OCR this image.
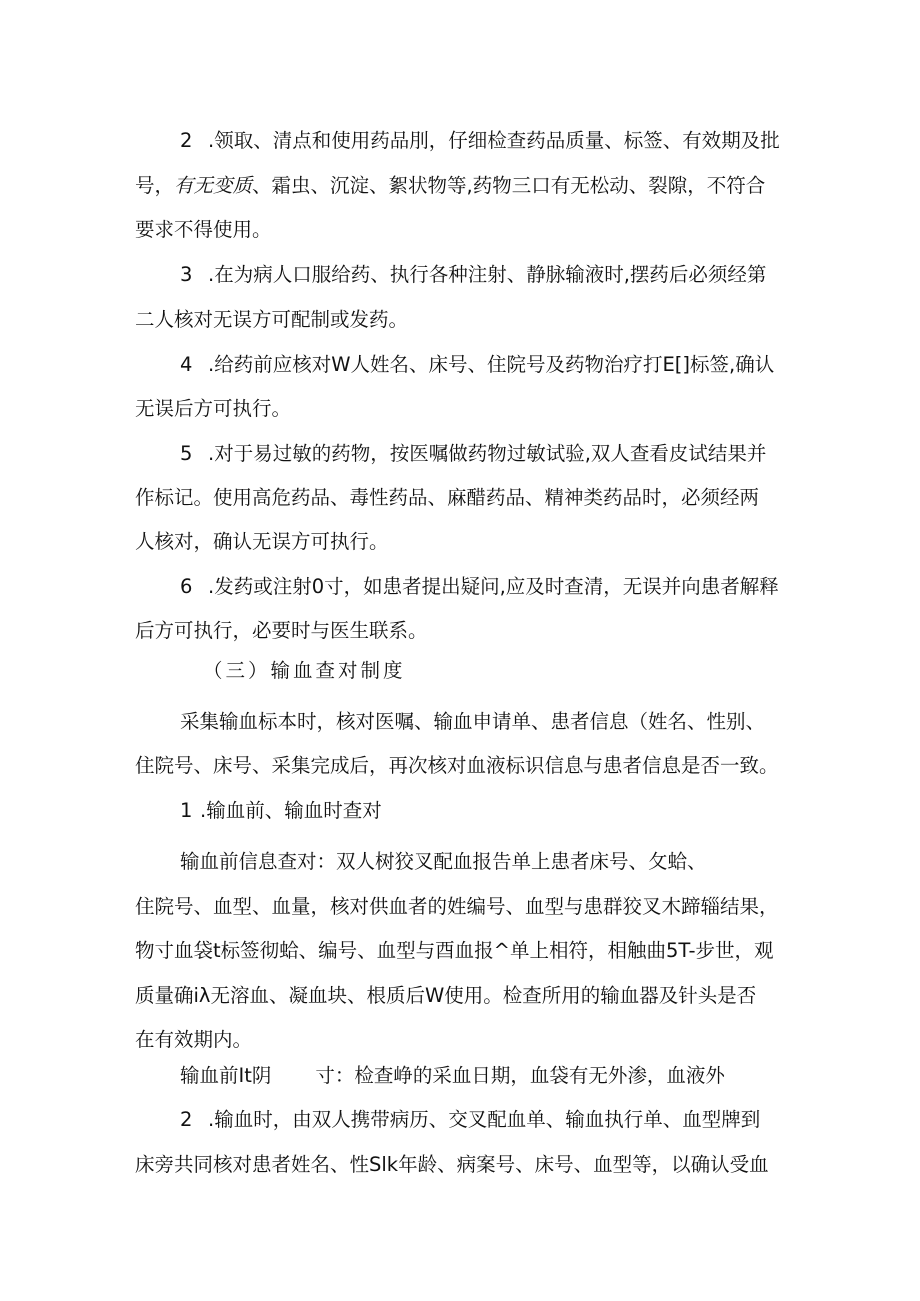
2 .领取、清点和使用药品刖，仔细检查药品质量、标签、有效期及批
号，有无变质、霜虫、沉淀、絮状物等,药物三口有无松动、裂隙，不符合
要求不得使用。
3 .在为病人口服给药、执行各种注射、静脉输液时,摆药后必须经第
二人核对无误方可配制或发药。
4 .给药前应核对W人姓名、床号、住院号及药物治疗打E[]标签,确认
无误后方可执行。
5 .对于易过敏的药物，按医嘱做药物过敏试验,双人查看皮试结果并
作标记。使用高危药品、毒性药品、麻醋药品、精神类药品时，必须经两
人核对，确认无误方可执行。
6 .发药或注射0寸，如患者提出疑问,应及时查清，无误并向患者解释
后方可执行，必要时与医生联系。
（三）输血查对制度
采集输血标本时，核对医嘱、输血申请单、患者信息（姓名、性别、
住院号、床号、采集完成后，再次核对血液标识信息与患者信息是否一致。
1 .输血前、输血时查对
输血前信息查对：双人树狡叉配血报告单上患者床号、攵蛤、
住院号、血型、血量，核对供血者的姓编号、血型与患群狡叉木蹄辎结果，
物寸血袋t标签彻蛤、编号、血型与酉血报^单上相符，相触曲5T-步世，观
质量确iλ无溶血、凝血块、根质后W使用。检查所用的输血器及针头是否
在有效期内。
输血前It阴 寸：检查峥的采血日期，血袋有无外渗，血液外
2 .输血时，由双人携带病历、交叉配血单、输血执行单、血型牌到
床旁共同核对患者姓名、性Slk年龄、病案号、床号、血型等，以确认受血
